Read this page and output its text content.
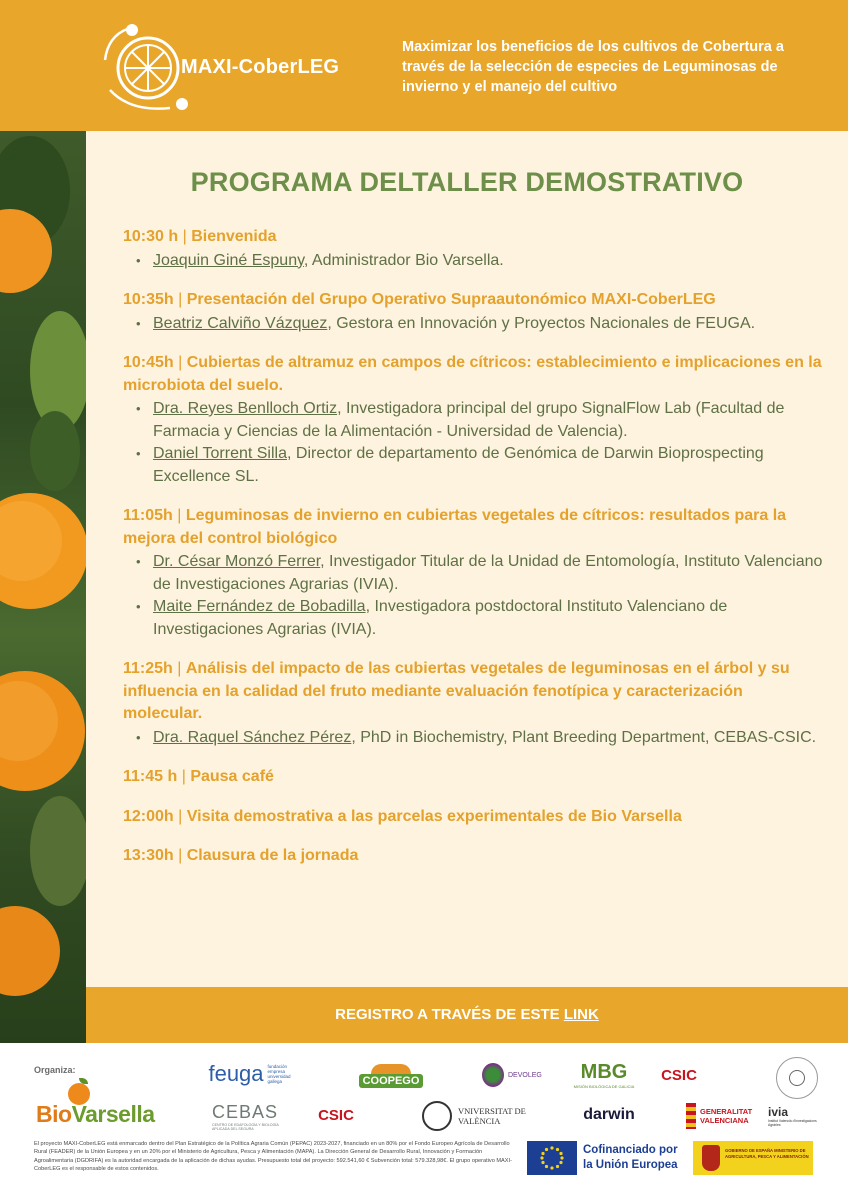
MAXI-CoberLEG
Maximizar los beneficios de los cultivos de Cobertura a través de la selección de especies de Leguminosas de invierno y el manejo del cultivo
PROGRAMA DELTALLER DEMOSTRATIVO
10:30 h | Bienvenida
• Joaquin Giné Espuny, Administrador Bio Varsella.
10:35h | Presentación del Grupo Operativo Supraautonómico MAXI-CoberLEG
• Beatriz Calviño Vázquez, Gestora en Innovación y Proyectos Nacionales de FEUGA.
10:45h | Cubiertas de altramuz en campos de cítricos: establecimiento e implicaciones en la microbiota del suelo.
• Dra. Reyes Benlloch Ortiz, Investigadora principal del grupo SignalFlow Lab (Facultad de Farmacia y Ciencias de la Alimentación - Universidad de Valencia).
• Daniel Torrent Silla, Director de departamento de Genómica de Darwin Bioprospecting Excellence SL.
11:05h | Leguminosas de invierno en cubiertas vegetales de cítricos: resultados para la mejora del control biológico
• Dr. César Monzó Ferrer, Investigador Titular de la Unidad de Entomología, Instituto Valenciano de Investigaciones Agrarias (IVIA).
• Maite Fernández de Bobadilla, Investigadora postdoctoral Instituto Valenciano de Investigaciones Agrarias (IVIA).
11:25h | Análisis del impacto de las cubiertas vegetales de leguminosas en el árbol y su influencia en la calidad del fruto mediante evaluación fenotípica y caracterización molecular.
• Dra. Raquel Sánchez Pérez, PhD in Biochemistry, Plant Breeding Department, CEBAS-CSIC.
11:45 h | Pausa café
12:00h | Visita demostrativa a las parcelas experimentales de Bio Varsella
13:30h | Clausura de la jornada
REGISTRO A TRAVÉS DE ESTE LINK
Organiza:
BioVarsella
feuga fundación empresa universidad gallega	COOPEGO	DEVOLEG MBG
MISIÓN BIOLÓGICA DE GALICIA
CSIC
CEBAS
CENTRO DE EDAFOLOGÍA Y BIOLOGÍA APLICADA DEL SEGURA
CSIC	VNIVERSITAT DE VALÈNCIA	darwin	GENERALITAT VALENCIANA
ivia
Institut Valencià d'Investigacions Agràries
El proyecto MAXI-CoberLEG está enmarcado dentro del Plan Estratégico de la Política Agraria Común (PEPAC) 2023-2027, financiado en un 80% por el Fondo Europeo Agrícola de Desarrollo Rural (FEADER) de la Unión Europea y en un 20% por el Ministerio de Agricultura, Pesca y Alimentación (MAPA). La Dirección General de Desarrollo Rural, Innovación y Formación Agroalimentaria (DGDRIFA) es la autoridad encargada de la aplicación de dichas ayudas. Presupuesto total del proyecto: 592.541,60 € Subvención total: 579.328,98€. El grupo operativo MAXI-CoberLEG es el responsable de estos contenidos.
Cofinanciado por
la Unión Europea
GOBIERNO DE ESPAÑA MINISTERIO DE AGRICULTURA, PESCA Y ALIMENTACIÓN
